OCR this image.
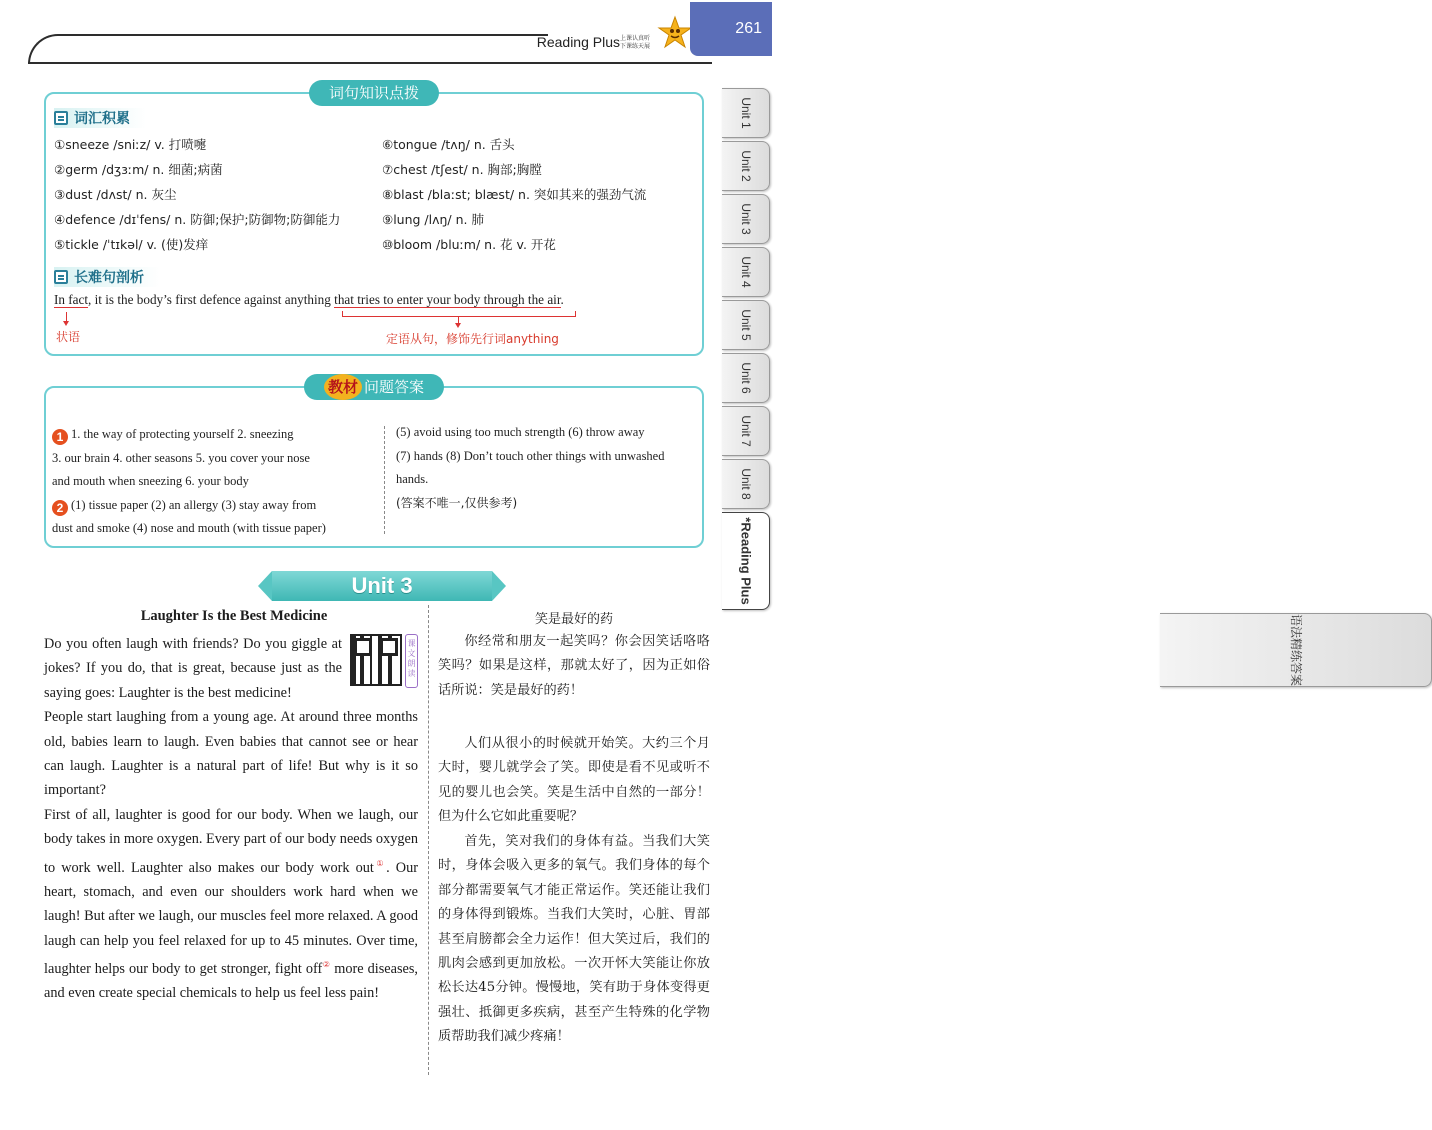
Reading Plus 上课认真听 下课练天展
261
Unit 1
Unit 2
Unit 3
Unit 4
Unit 5
Unit 6
Unit 7
Unit 8
*Reading Plus
语法精练答案
词句知识点拨
词汇积累
①sneeze /sniːz/ v. 打喷嚏
②germ /dʒɜːm/ n. 细菌;病菌
③dust /dʌst/ n. 灰尘
④defence /dɪˈfens/ n. 防御;保护;防御物;防御能力
⑤tickle /ˈtɪkəl/ v. (使)发痒
⑥tongue /tʌŋ/ n. 舌头
⑦chest /tʃest/ n. 胸部;胸膛
⑧blast /blaːst; blæst/ n. 突如其来的强劲气流
⑨lung /lʌŋ/ n. 肺
⑩bloom /bluːm/ n. 花 v. 开花
长难句剖析
In fact, it is the body’s first defence against anything that tries to enter your body through the air.
状语	定语从句，修饰先行词anything
教材 问题答案
1 1. the way of protecting yourself 2. sneezing
3. our brain 4. other seasons 5. you cover your nose
and mouth when sneezing 6. your body
2 (1) tissue paper (2) an allergy (3) stay away from
dust and smoke (4) nose and mouth (with tissue paper)
(5) avoid using too much strength (6) throw away
(7) hands (8) Don’t touch other things with unwashed
hands.
(答案不唯一,仅供参考)
Unit 3
Laughter Is the Best Medicine
课文朗读

Do you often laugh with friends? Do you giggle at jokes? If you do, that is great, because just as the saying goes: Laughter is the best medicine!

People start laughing from a young age. At around three months old, babies learn to laugh. Even babies that cannot see or hear can laugh. Laughter is a natural part of life! But why is it so important?

First of all, laughter is good for our body. When we laugh, our body takes in more oxygen. Every part of our body needs oxygen to work well. Laughter also makes our body work out①. Our heart, stomach, and even our shoulders work hard when we laugh! But after we laugh, our muscles feel more relaxed. A good laugh can help you feel relaxed for up to 45 minutes. Over time, laughter helps our body to get stronger, fight off② more diseases, and even create special chemicals to help us feel less pain!

笑是最好的药

你经常和朋友一起笑吗？你会因笑话咯咯笑吗？如果是这样，那就太好了，因为正如俗话所说：笑是最好的药！

人们从很小的时候就开始笑。大约三个月大时，婴儿就学会了笑。即使是看不见或听不见的婴儿也会笑。笑是生活中自然的一部分！但为什么它如此重要呢？

首先，笑对我们的身体有益。当我们大笑时，身体会吸入更多的氧气。我们身体的每个部分都需要氧气才能正常运作。笑还能让我们的身体得到锻炼。当我们大笑时，心脏、胃部甚至肩膀都会全力运作！但大笑过后，我们的肌肉会感到更加放松。一次开怀大笑能让你放松长达45分钟。慢慢地，笑有助于身体变得更强壮、抵御更多疾病，甚至产生特殊的化学物质帮助我们减少疼痛！
